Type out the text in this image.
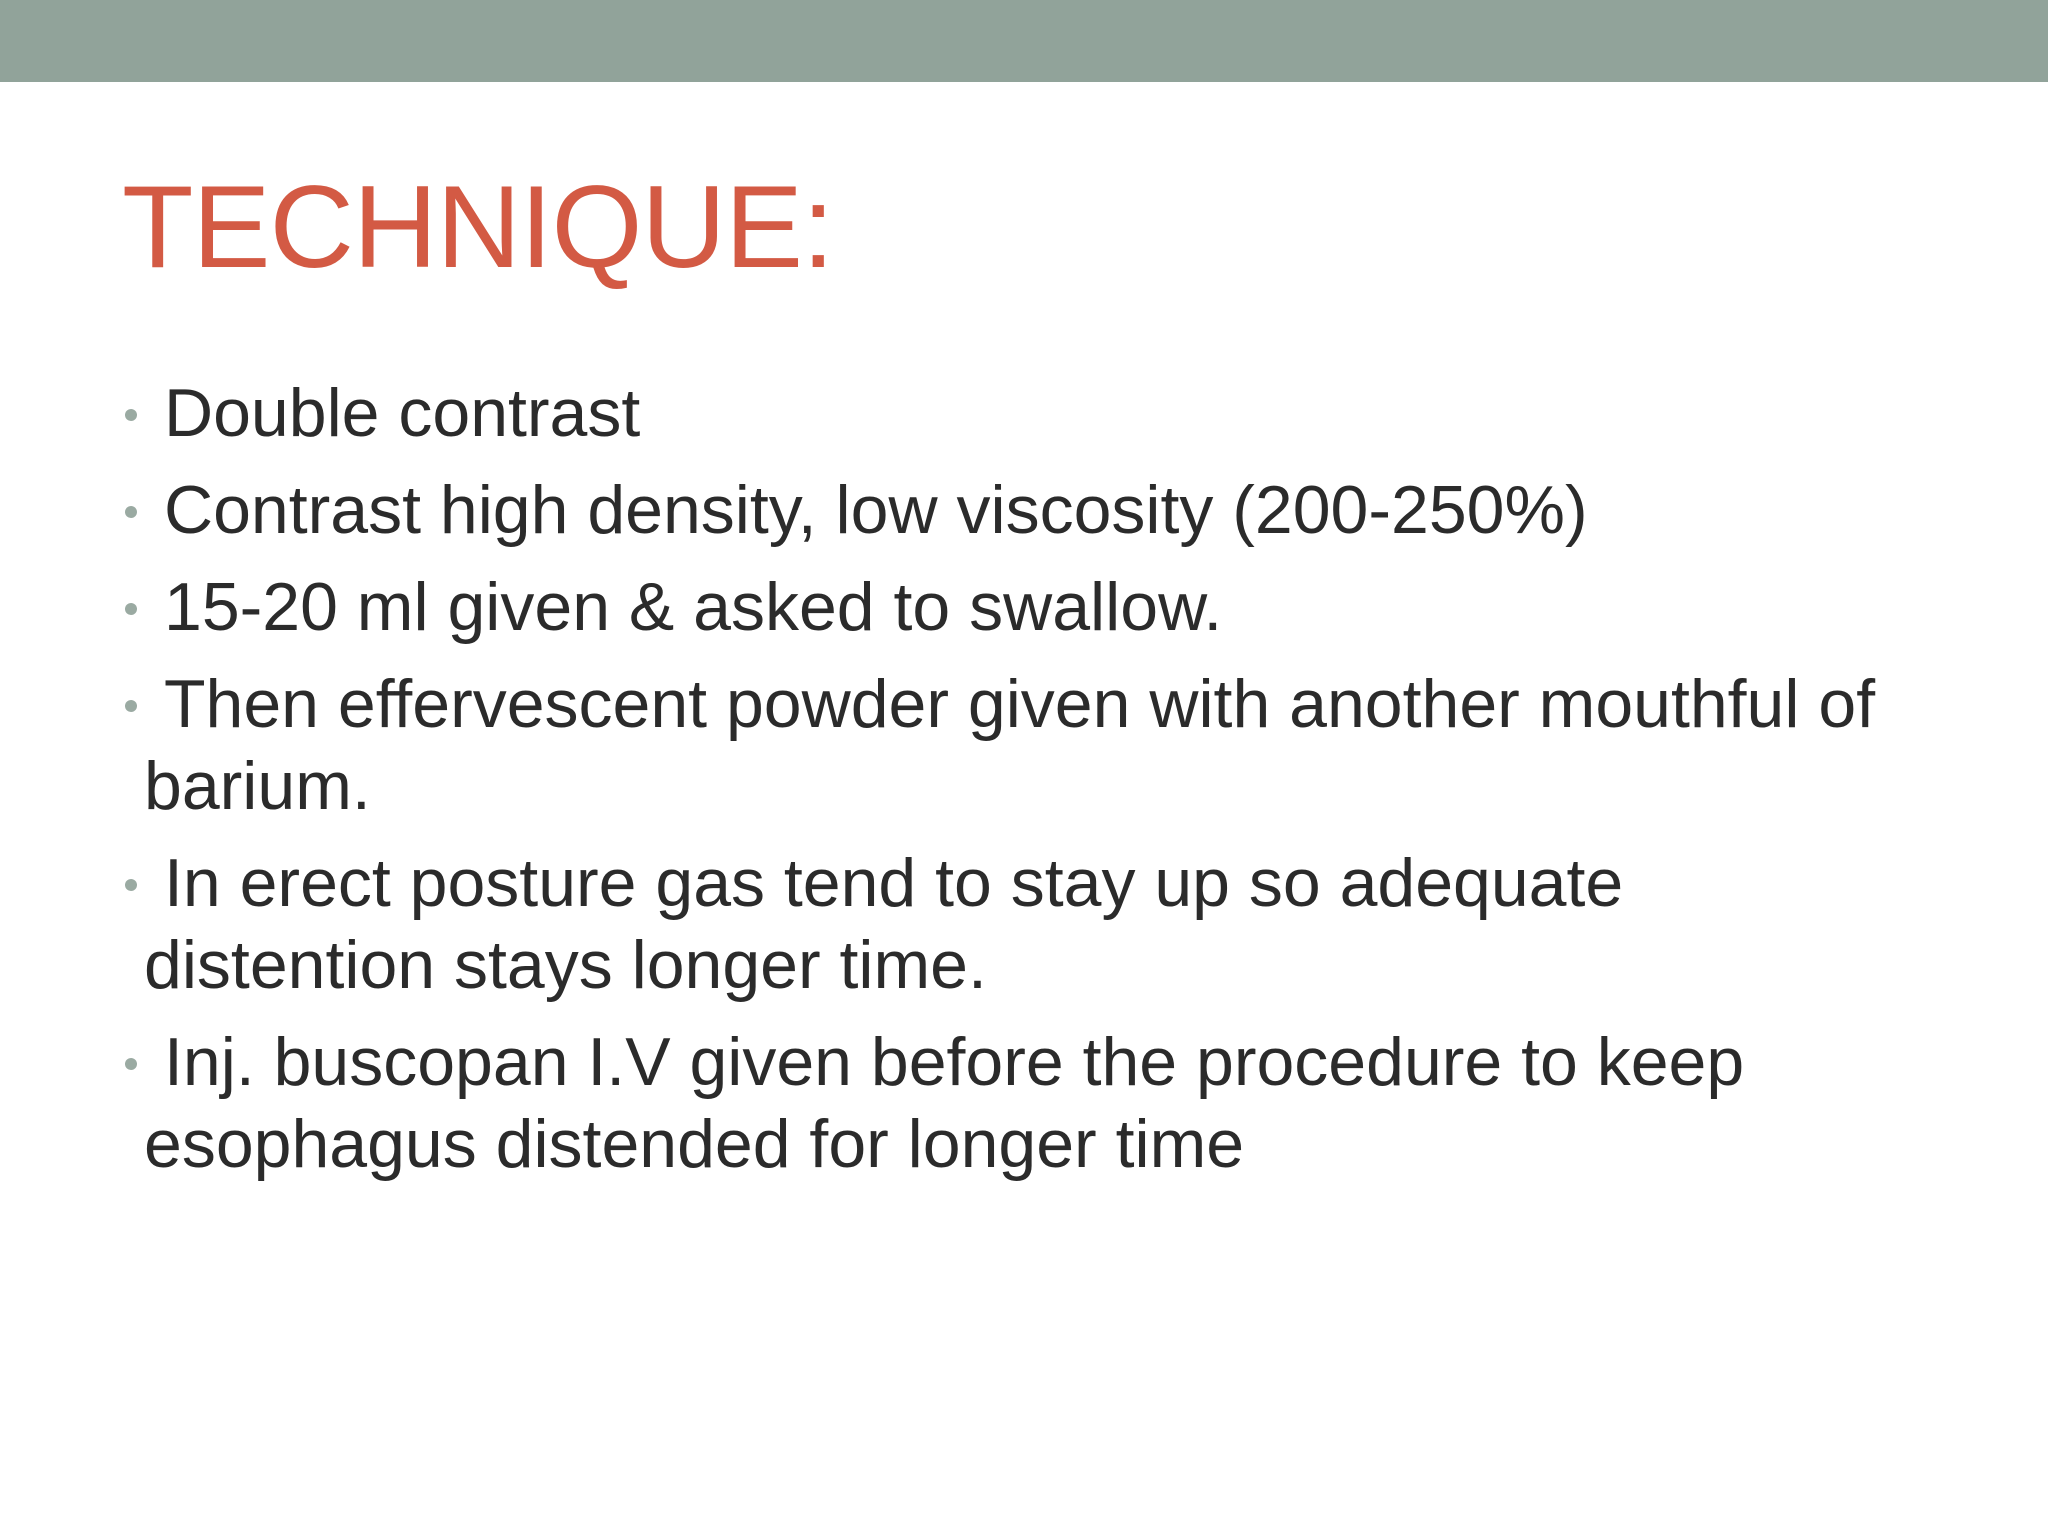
TECHNIQUE:
Double contrast
Contrast high density, low viscosity (200-250%)
15-20 ml given & asked to swallow.
Then effervescent powder given with another mouthful of
barium.
In erect posture gas tend to stay up so adequate
distention stays longer time.
Inj. buscopan I.V given before the procedure to keep
esophagus distended for longer time
